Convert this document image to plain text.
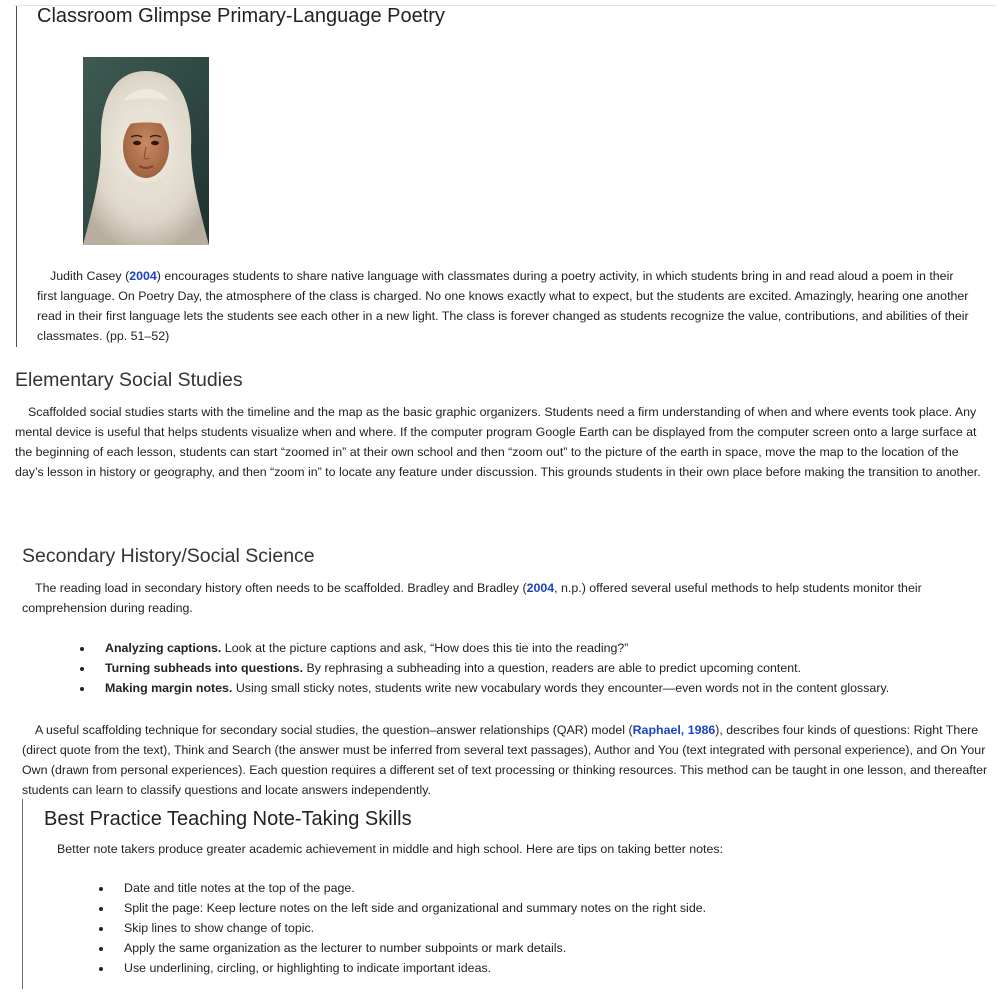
Classroom Glimpse Primary-Language Poetry

Judith Casey (2004) encourages students to share native language with classmates during a poetry activity, in which students bring in and read aloud a poem in their first language. On Poetry Day, the atmosphere of the class is charged. No one knows exactly what to expect, but the students are excited. Amazingly, hearing one another read in their first language lets the students see each other in a new light. The class is forever changed as students recognize the value, contributions, and abilities of their classmates. (pp. 51–52)

Elementary Social Studies

Scaffolded social studies starts with the timeline and the map as the basic graphic organizers. Students need a firm understanding of when and where events took place. Any mental device is useful that helps students visualize when and where. If the computer program Google Earth can be displayed from the computer screen onto a large surface at the beginning of each lesson, students can start “zoomed in” at their own school and then “zoom out” to the picture of the earth in space, move the map to the location of the day’s lesson in history or geography, and then “zoom in” to locate any feature under discussion. This grounds students in their own place before making the transition to another.

Secondary History/Social Science

The reading load in secondary history often needs to be scaffolded. Bradley and Bradley (2004, n.p.) offered several useful methods to help students monitor their comprehension during reading.

Analyzing captions. Look at the picture captions and ask, “How does this tie into the reading?”
Turning subheads into questions. By rephrasing a subheading into a question, readers are able to predict upcoming content.
Making margin notes. Using small sticky notes, students write new vocabulary words they encounter—even words not in the content glossary.

A useful scaffolding technique for secondary social studies, the question–answer relationships (QAR) model (Raphael, 1986), describes four kinds of questions: Right There (direct quote from the text), Think and Search (the answer must be inferred from several text passages), Author and You (text integrated with personal experience), and On Your Own (drawn from personal experiences). Each question requires a different set of text processing or thinking resources. This method can be taught in one lesson, and thereafter students can learn to classify questions and locate answers independently.

Best Practice Teaching Note-Taking Skills

Better note takers produce greater academic achievement in middle and high school. Here are tips on taking better notes:

Date and title notes at the top of the page.
Split the page: Keep lecture notes on the left side and organizational and summary notes on the right side.
Skip lines to show change of topic.
Apply the same organization as the lecturer to number subpoints or mark details.
Use underlining, circling, or highlighting to indicate important ideas.
